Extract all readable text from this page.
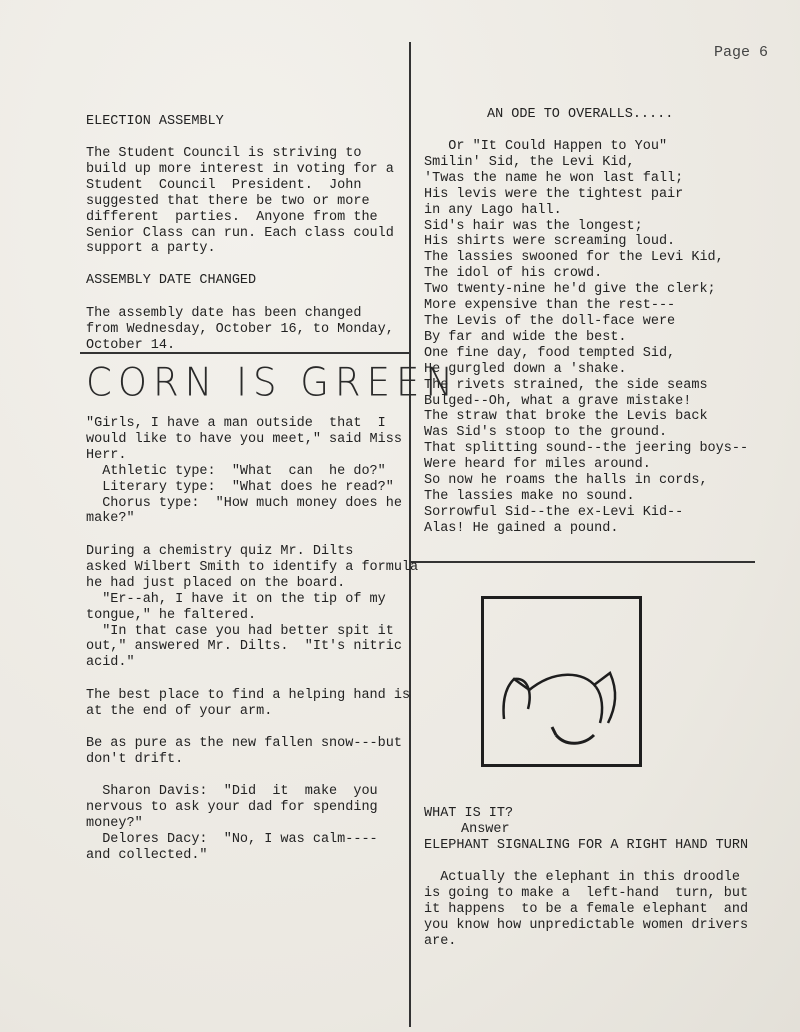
Page 6
ELECTION ASSEMBLY
The Student Council is striving to
build up more interest in voting for a
Student  Council  President.  John
suggested that there be two or more
different  parties.  Anyone from the
Senior Class can run. Each class could
support a party.
ASSEMBLY DATE CHANGED
The assembly date has been changed
from Wednesday, October 16, to Monday,
October 14.
CORN IS GREEN
"Girls, I have a man outside  that  I
would like to have you meet," said Miss
Herr.
Athletic type:  "What  can  he do?"
Literary type:  "What does he read?"
Chorus type:  "How much money does he
make?"
During a chemistry quiz Mr. Dilts
asked Wilbert Smith to identify a formula
he had just placed on the board.
"Er--ah, I have it on the tip of my
tongue," he faltered.
"In that case you had better spit it
out," answered Mr. Dilts.  "It's nitric
acid."
The best place to find a helping hand is
at the end of your arm.
Be as pure as the new fallen snow---but
don't drift.
Sharon Davis:  "Did  it  make  you
nervous to ask your dad for spending
money?"
Delores Dacy:  "No, I was calm----
and collected."
AN ODE TO OVERALLS.....
Or "It Could Happen to You"
Smilin' Sid, the Levi Kid,
'Twas the name he won last fall;
His levis were the tightest pair
in any Lago hall.
Sid's hair was the longest;
His shirts were screaming loud.
The lassies swooned for the Levi Kid,
The idol of his crowd.
Two twenty-nine he'd give the clerk;
More expensive than the rest---
The Levis of the doll-face were
By far and wide the best.
One fine day, food tempted Sid,
He gurgled down a 'shake.
The rivets strained, the side seams
Bulged--Oh, what a grave mistake!
The straw that broke the Levis back
Was Sid's stoop to the ground.
That splitting sound--the jeering boys--
Were heard for miles around.
So now he roams the halls in cords,
The lassies make no sound.
Sorrowful Sid--the ex-Levi Kid--
Alas! He gained a pound.
WHAT IS IT?
Answer
ELEPHANT SIGNALING FOR A RIGHT HAND TURN
Actually the elephant in this droodle
is going to make a  left-hand  turn, but
it happens  to be a female elephant  and
you know how unpredictable women drivers
are.
